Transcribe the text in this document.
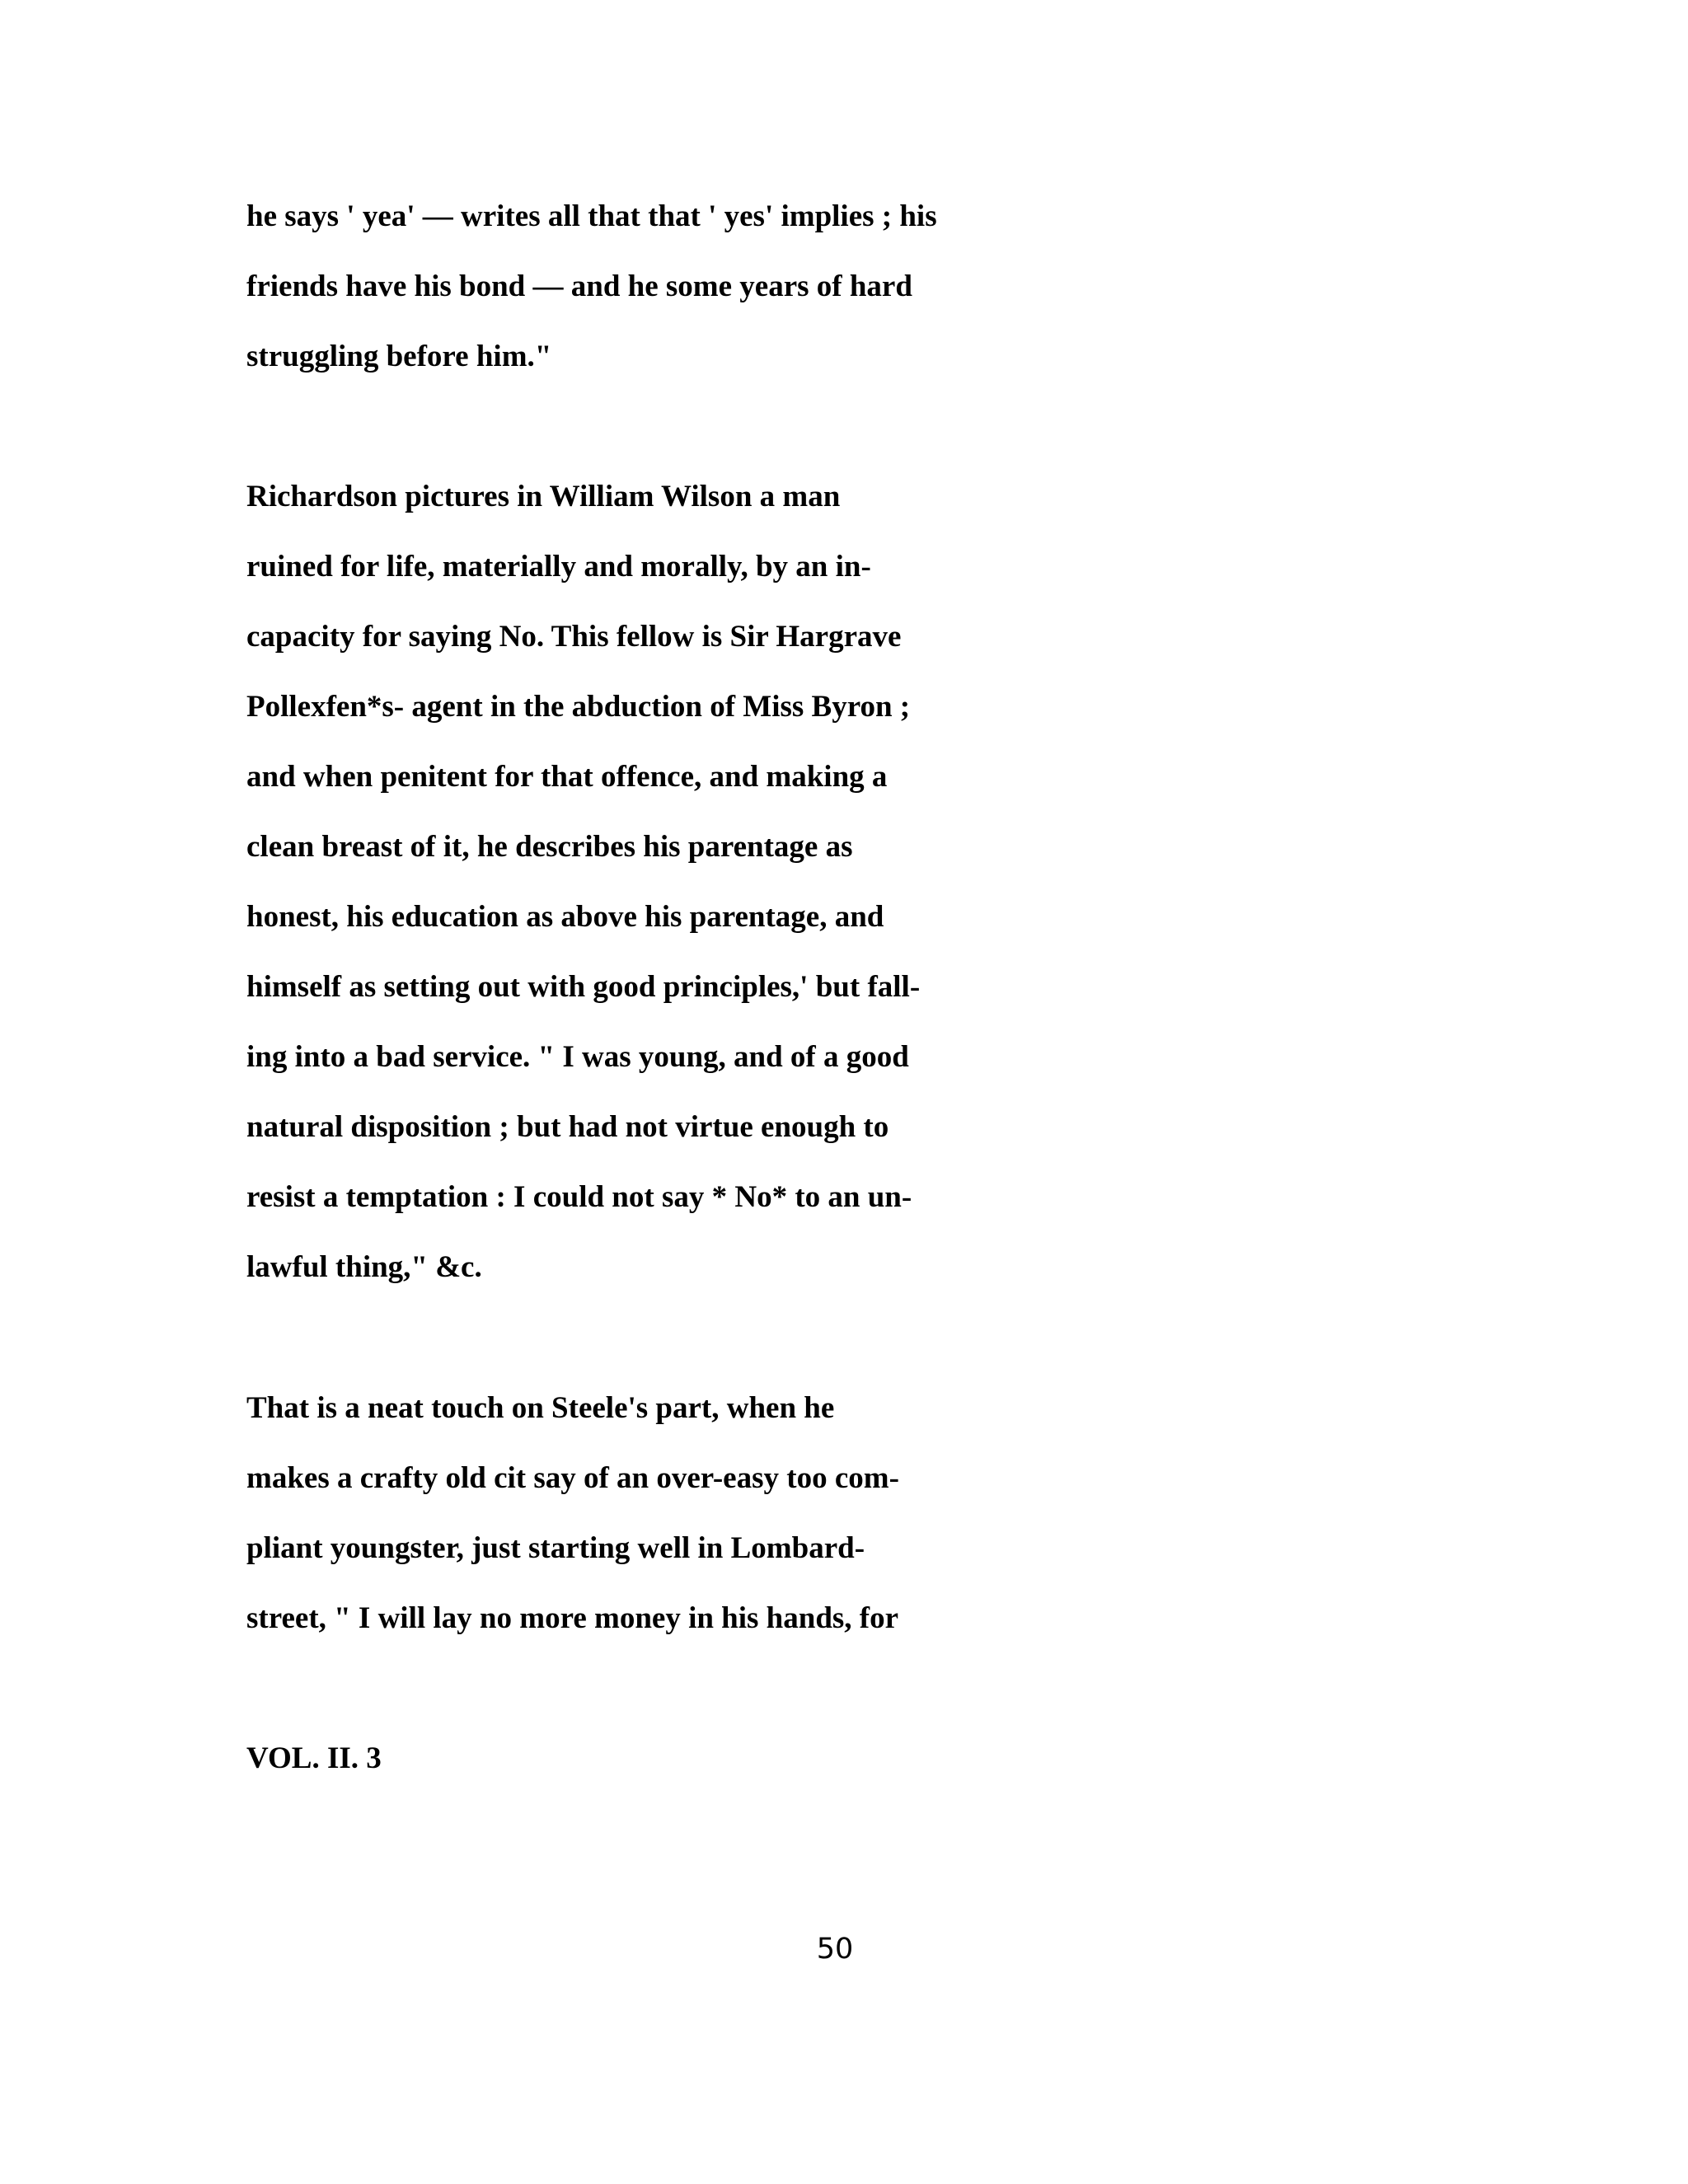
he says ' yea' — writes all that that ' yes' implies ; his
friends have his bond — and he some years of hard
struggling before him."
Richardson pictures in William Wilson a man
ruined for life, materially and morally, by an in-
capacity for saying No. This fellow is Sir Hargrave
Pollexfen*s- agent in the abduction of Miss Byron ;
and when penitent for that offence, and making a
clean breast of it, he describes his parentage as
honest, his education as above his parentage, and
himself as setting out with good principles,' but fall-
ing into a bad service. " I was young, and of a good
natural disposition ; but had not virtue enough to
resist a temptation : I could not say * No* to an un-
lawful thing," &c.
That is a neat touch on Steele's part, when he
makes a crafty old cit say of an over-easy too com-
pliant youngster, just starting well in Lombard-
street, " I will lay no more money in his hands, for
VOL. II. 3
50
